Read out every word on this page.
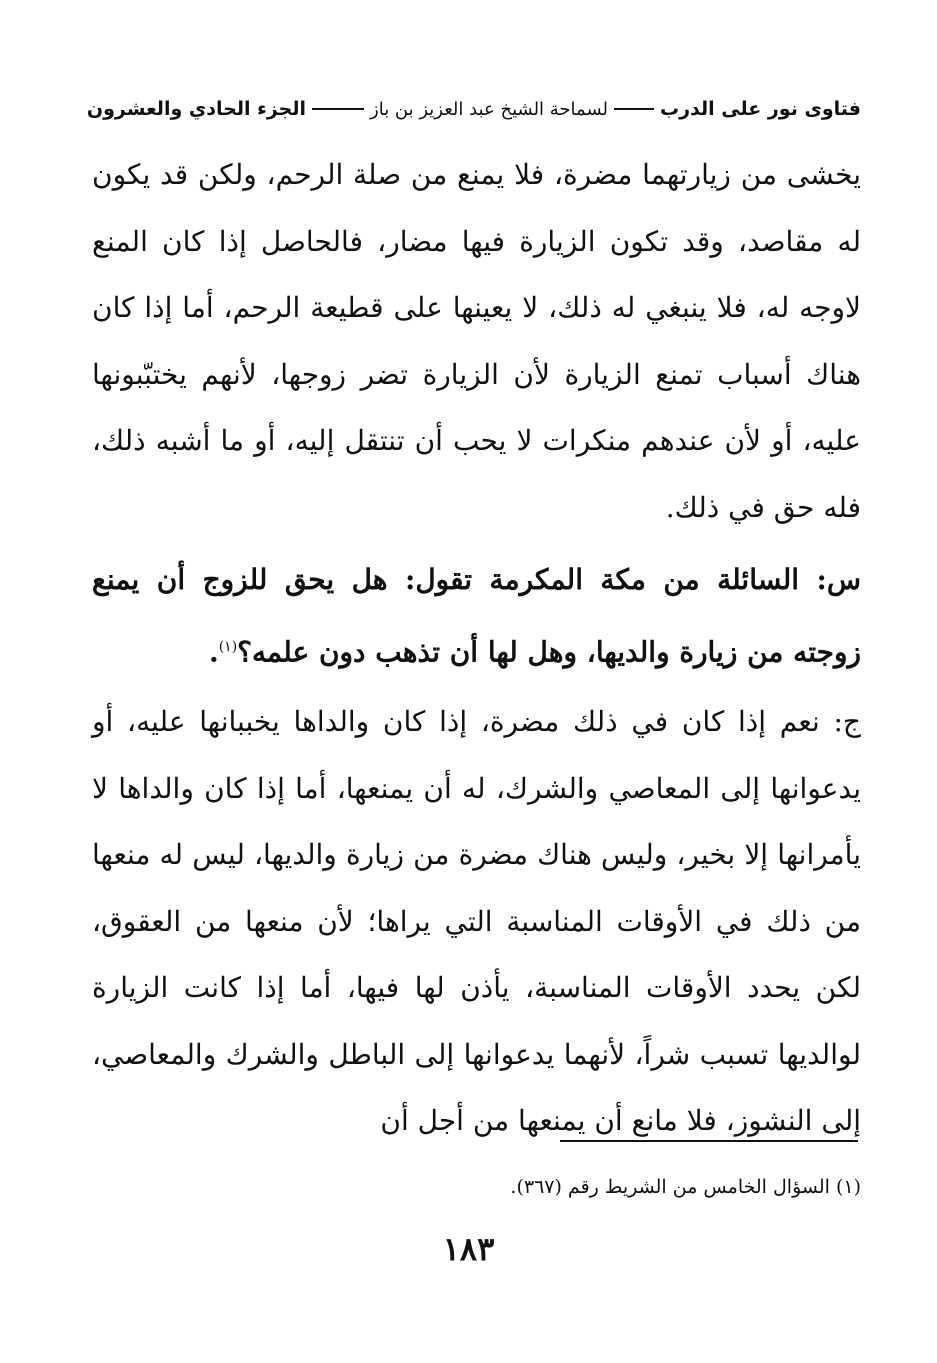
فتاوى نور على الدرب
لسماحة الشيخ عبد العزيز بن باز
الجزء الحادي والعشرون

يخشى من زيارتهما مضرة، فلا يمنع من صلة الرحم، ولكن قد يكون له مقاصد، وقد تكون الزيارة فيها مضار، فالحاصل إذا كان المنع لاوجه له، فلا ينبغي له ذلك، لا يعينها على قطيعة الرحم، أما إذا كان هناك أسباب تمنع الزيارة لأن الزيارة تضر زوجها، لأنهم يختبّبونها عليه، أو لأن عندهم منكرات لا يحب أن تنتقل إليه، أو ما أشبه ذلك، فله حق في ذلك.

س: السائلة من مكة المكرمة تقول: هل يحق للزوج أن يمنع زوجته من زيارة والديها، وهل لها أن تذهب دون علمه؟$^{(١)}$.

ج: نعم إذا كان في ذلك مضرة، إذا كان والداها يخببانها عليه، أو يدعوانها إلى المعاصي والشرك، له أن يمنعها، أما إذا كان والداها لا يأمرانها إلا بخير، وليس هناك مضرة من زيارة والديها، ليس له منعها من ذلك في الأوقات المناسبة التي يراها؛ لأن منعها من العقوق، لكن يحدد الأوقات المناسبة، يأذن لها فيها، أما إذا كانت الزيارة لوالديها تسبب شراً، لأنهما يدعوانها إلى الباطل والشرك والمعاصي، إلى النشوز، فلا مانع أن يمنعها من أجل أن

(١) السؤال الخامس من الشريط رقم (٣٦٧).
١٨٣
